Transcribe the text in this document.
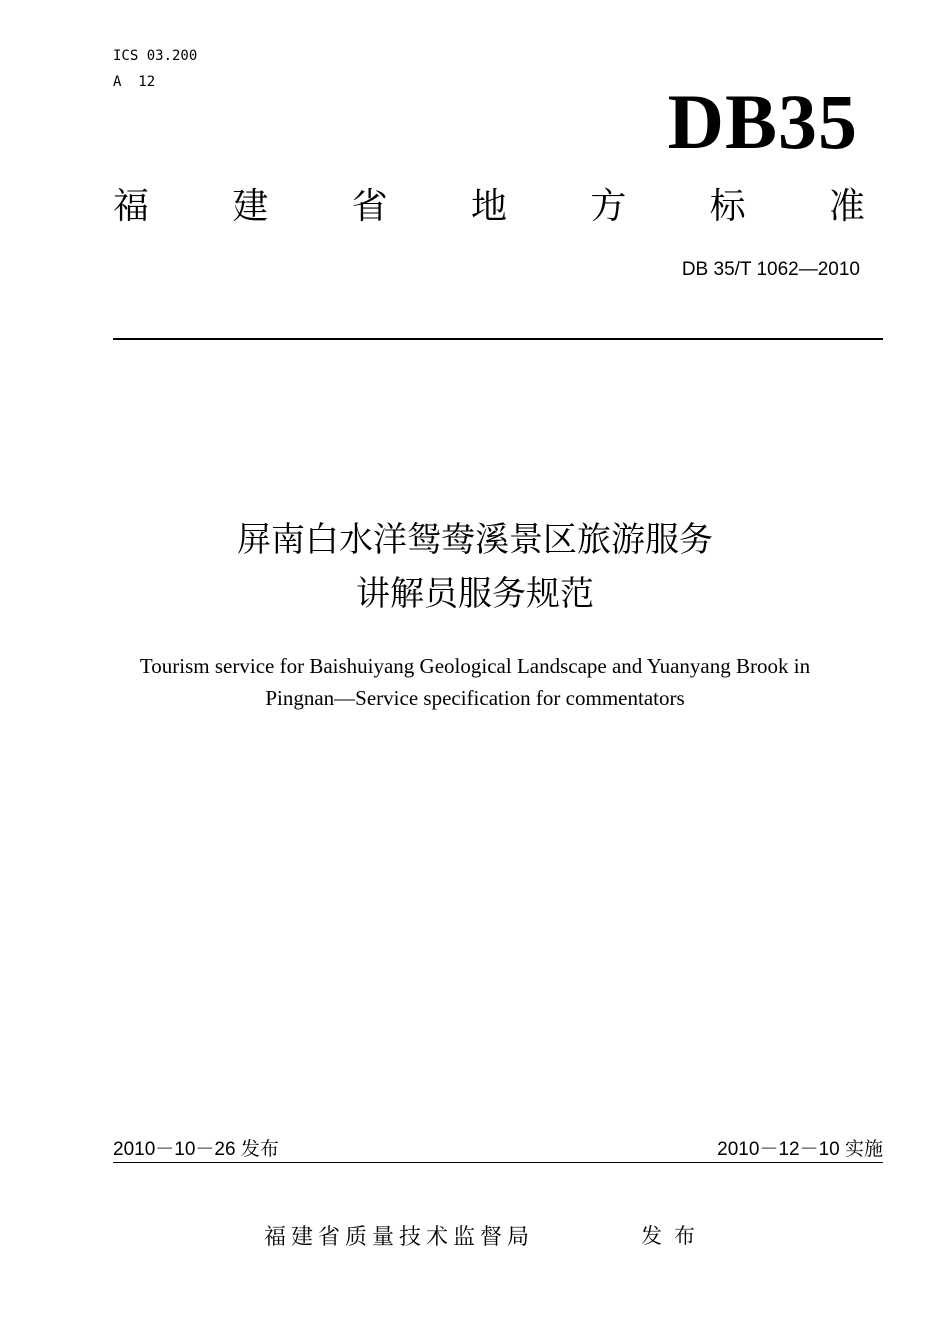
ICS 03.200
A  12	DB35
福 建 省 地 方 标 准
DB 35/T 1062—2010
屏南白水洋鸳鸯溪景区旅游服务
讲解员服务规范
Tourism service for Baishuiyang Geological Landscape and Yuanyang Brook in
Pingnan—Service specification for commentators
2010－10－26 发布	2010－12－10 实施
福建省质量技术监督局	发布
